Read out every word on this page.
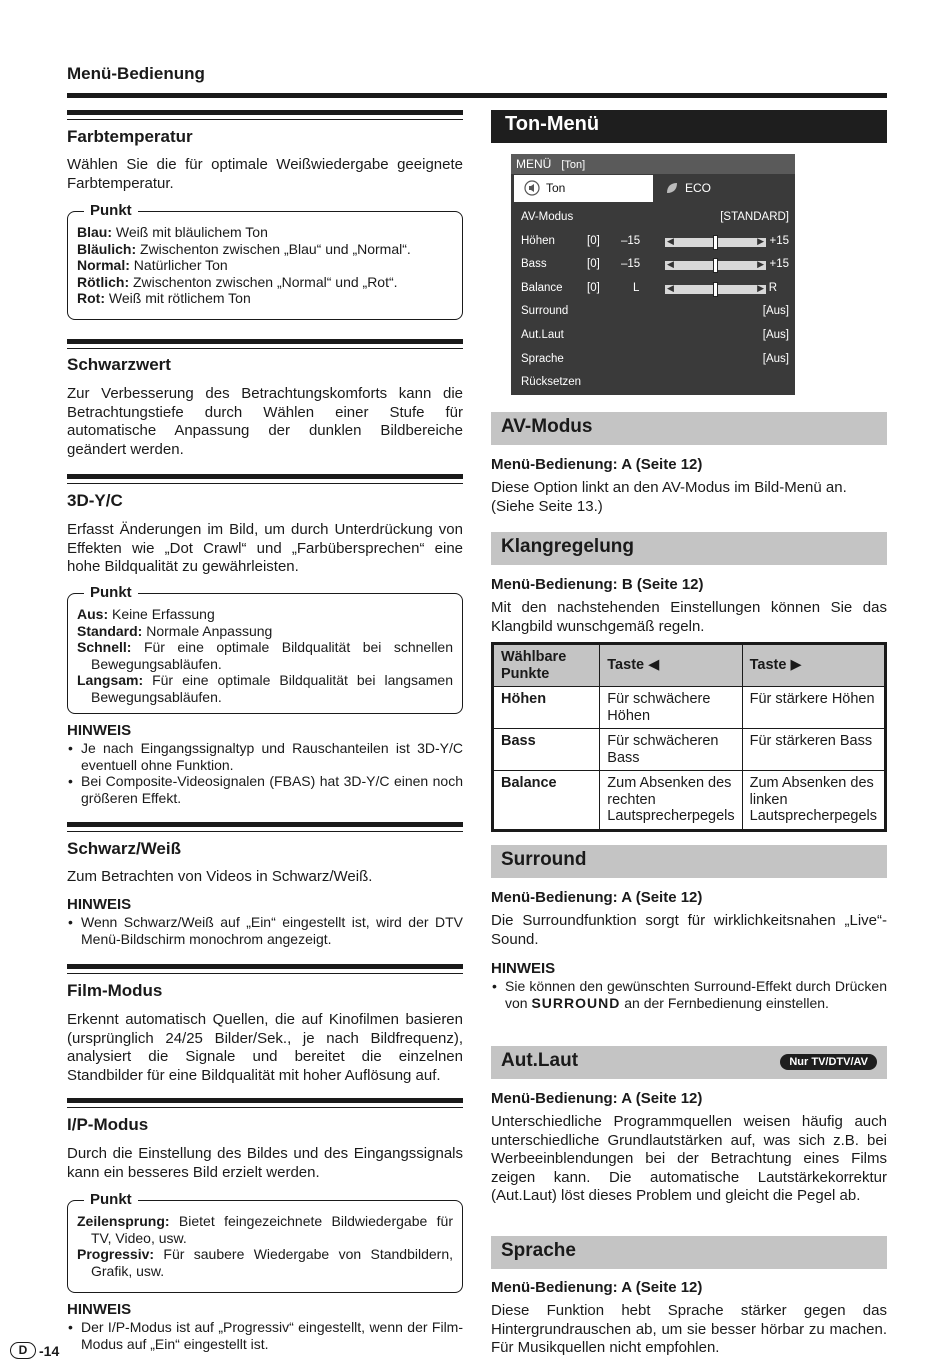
Menü-Bedienung
Farbtemperatur
Wählen Sie die für optimale Weißwiedergabe geeignete Farbtemperatur.
Punkt
Blau: Weiß mit bläulichem Ton
Bläulich: Zwischenton zwischen „Blau“ und „Normal“.
Normal: Natürlicher Ton
Rötlich: Zwischenton zwischen „Normal“ und „Rot“.
Rot: Weiß mit rötlichem Ton
Schwarzwert
Zur Verbesserung des Betrachtungskomforts kann die Betrachtungstiefe durch Wählen einer Stufe für automatische Anpassung der dunklen Bildbereiche geändert werden.
3D-Y/C
Erfasst Änderungen im Bild, um durch Unterdrückung von Effekten wie „Dot Crawl“ und „Farbübersprechen“ eine hohe Bildqualität zu gewährleisten.
Punkt
Aus: Keine Erfassung
Standard: Normale Anpassung
Schnell: Für eine optimale Bildqualität bei schnellen Bewegungsabläufen.
Langsam: Für eine optimale Bildqualität bei langsamen Bewegungsabläufen.
HINWEIS
• Je nach Eingangssignaltyp und Rauschanteilen ist 3D-Y/C eventuell ohne Funktion.
• Bei Composite-Videosignalen (FBAS) hat 3D-Y/C einen noch größeren Effekt.
Schwarz/Weiß
Zum Betrachten von Videos in Schwarz/Weiß.
HINWEIS
• Wenn Schwarz/Weiß auf „Ein“ eingestellt ist, wird der DTV Menü-Bildschirm monochrom angezeigt.
Film-Modus
Erkennt automatisch Quellen, die auf Kinofilmen basieren (ursprünglich 24/25 Bilder/Sek., je nach Bildfrequenz), analysiert die Signale und bereitet die einzelnen Standbilder für eine Bildqualität mit hoher Auflösung auf.
I/P-Modus
Durch die Einstellung des Bildes und des Eingangssignals kann ein besseres Bild erzielt werden.
Punkt
Zeilensprung: Bietet feingezeichnete Bildwiedergabe für TV, Video, usw.
Progressiv: Für saubere Wiedergabe von Standbildern, Grafik, usw.
HINWEIS
• Der I/P-Modus ist auf „Progressiv“ eingestellt, wenn der Film-Modus auf „Ein“ eingestellt ist.
Ton-Menü
MENÜ [Ton]
Ton	ECO
AV-Modus	[STANDARD]
Höhen	[0] –15	◀	▶ +15
Bass	[0] –15	◀	▶ +15
Balance [0]	L	◀	▶ R
Surround	[Aus]
Aut.Laut	[Aus]
Sprache	[Aus]
Rücksetzen
AV-Modus
Menü-Bedienung: A (Seite 12)
Diese Option linkt an den AV-Modus im Bild-Menü an. (Siehe Seite 13.)
Klangregelung
Menü-Bedienung: B (Seite 12)
Mit den nachstehenden Einstellungen können Sie das Klangbild wunschgemäß regeln.
Wählbare Punkte	Taste ◀	Taste ▶
Höhen	Für schwächere Höhen	Für stärkere Höhen
Bass	Für schwächeren Bass	Für stärkeren Bass
Balance	Zum Absenken des rechten Lautsprecherpegels	Zum Absenken des linken Lautsprecherpegels
Surround
Menü-Bedienung: A (Seite 12)
Die Surroundfunktion sorgt für wirklichkeitsnahen „Live“-Sound.
HINWEIS
• Sie können den gewünschten Surround-Effekt durch Drücken von SURROUND an der Fernbedienung einstellen.
Aut.Laut	Nur TV/DTV/AV
Menü-Bedienung: A (Seite 12)
Unterschiedliche Programmquellen weisen häufig auch unterschiedliche Grundlautstärken auf, was sich z.B. bei Werbeeinblendungen bei der Betrachtung eines Films zeigen kann. Die automatische Lautstärkekorrektur (Aut.Laut) löst dieses Problem und gleicht die Pegel ab.
Sprache
Menü-Bedienung: A (Seite 12)
Diese Funktion hebt Sprache stärker gegen das Hintergrundrauschen ab, um sie besser hörbar zu machen. Für Musikquellen nicht empfohlen.
D -14
